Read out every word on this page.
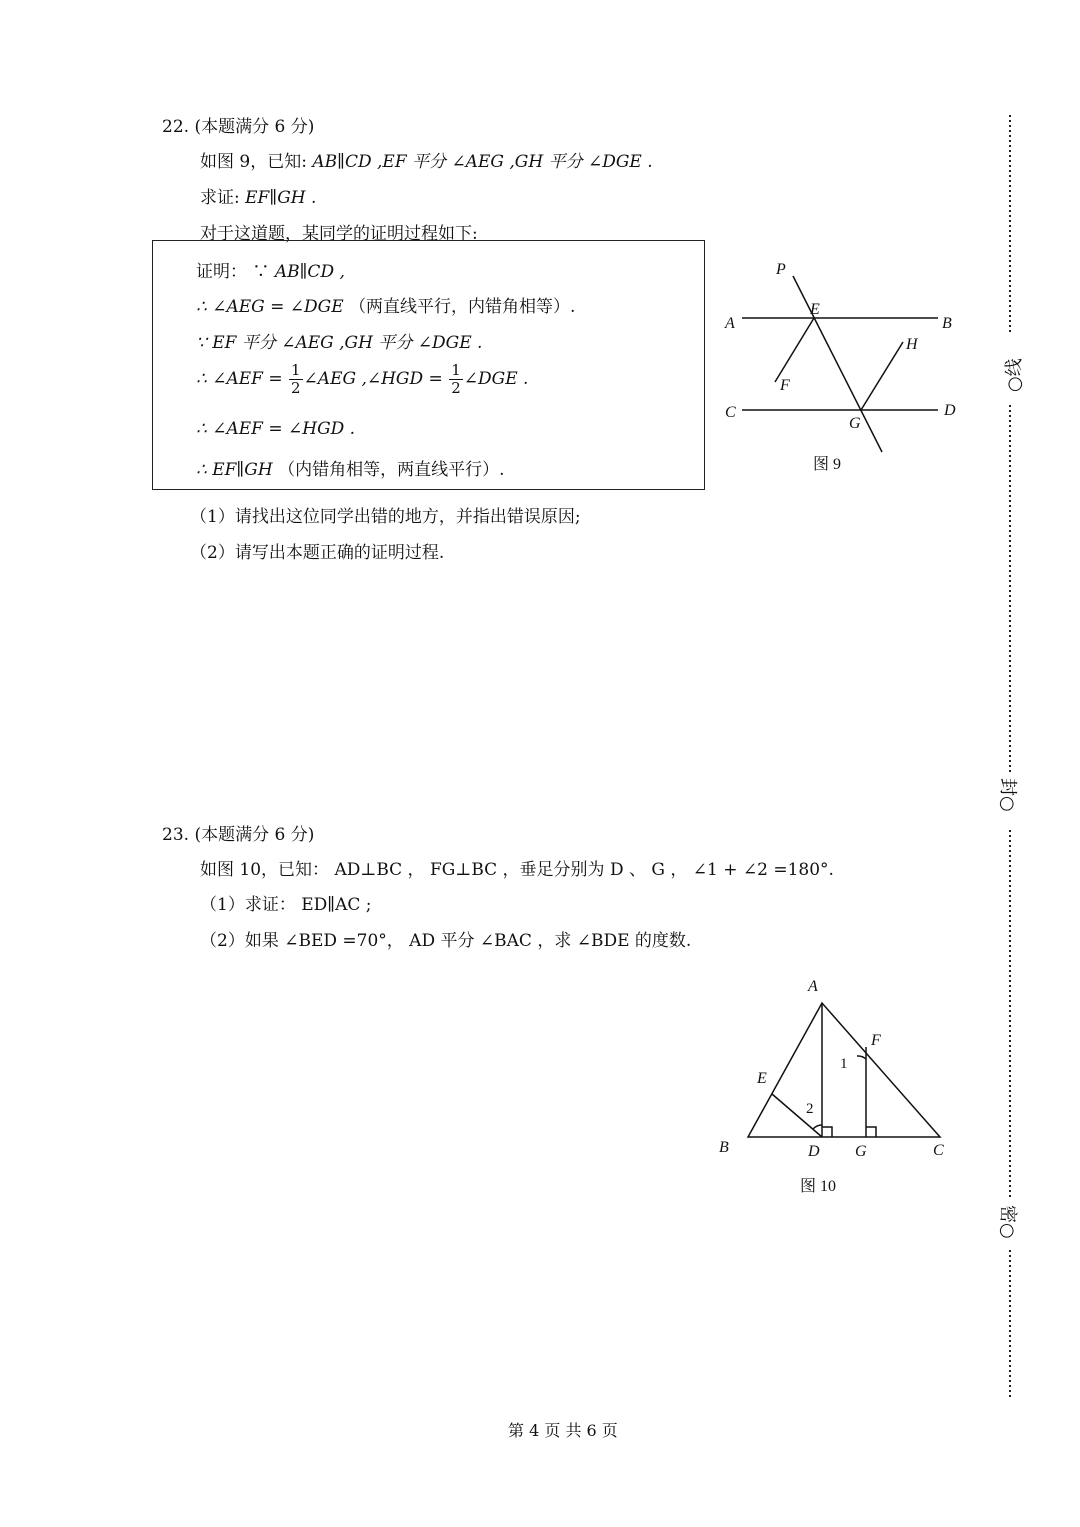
22. (本题满分 6 分)
如图 9，已知: AB∥CD ,EF 平分 ∠AEG ,GH 平分 ∠DGE .
求证: EF∥GH .
对于这道题，某同学的证明过程如下:
证明： ∵ AB∥CD ,
∴ ∠AEG = ∠DGE （两直线平行，内错角相等）.
∵ EF 平分 ∠AEG ,GH 平分 ∠DGE .
∴ ∠AEF = $\frac{1}{2}$ ∠AEG ,∠HGD = $\frac{1}{2}$ ∠DGE .
∴ ∠AEF = ∠HGD .
∴ EF∥GH （内错角相等，两直线平行）.
（1）请找出这位同学出错的地方，并指出错误原因;
（2）请写出本题正确的证明过程.
P
A
E
B
H
F
C
G
D
图 9
23. (本题满分 6 分)
如图 10，已知： AD⊥BC ， FG⊥BC ，垂足分别为 D 、 G ， ∠1 + ∠2 =180°.
（1）求证： ED∥AC ;
（2）如果 ∠BED =70°， AD 平分 ∠BAC ，求 ∠BDE 的度数.
A
F
E
B	D G	C
1
2
图 10
第 4 页 共 6 页
○线
封○
密○
